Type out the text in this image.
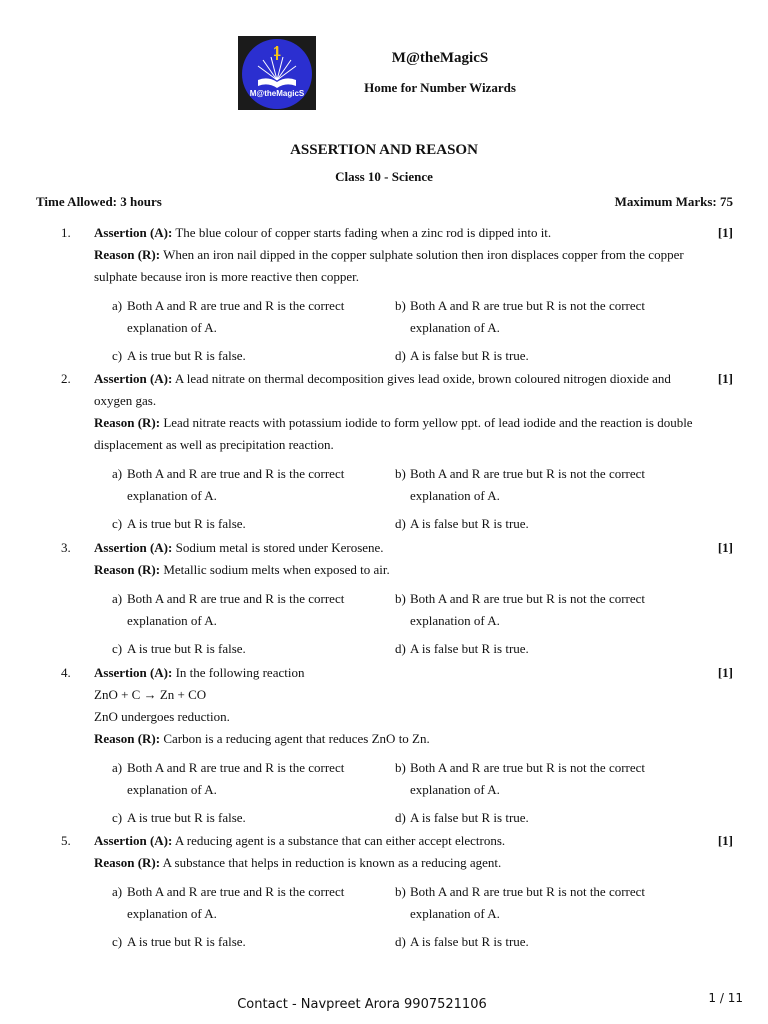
1
M@theMagicS
M@theMagicS
Home for Number Wizards
ASSERTION AND REASON
Class 10 - Science
Time Allowed: 3 hours	Maximum Marks: 75
1.	[1]

Assertion (A): The blue colour of copper starts fading when a zinc rod is dipped into it.

Reason (R): When an iron nail dipped in the copper sulphate solution then iron displaces copper from the copper sulphate because iron is more reactive then copper.

a) Both A and R are true and R is the correct explanation of A.
b) Both A and R are true but R is not the correct explanation of A.
c) A is true but R is false.	d) A is false but R is true.
2.	[1]

Assertion (A): A lead nitrate on thermal decomposition gives lead oxide, brown coloured nitrogen dioxide and oxygen gas.

Reason (R): Lead nitrate reacts with potassium iodide to form yellow ppt. of lead iodide and the reaction is double displacement as well as precipitation reaction.

a) Both A and R are true and R is the correct explanation of A.
b) Both A and R are true but R is not the correct explanation of A.
c) A is true but R is false.	d) A is false but R is true.
3.	[1]

Assertion (A): Sodium metal is stored under Kerosene.

Reason (R): Metallic sodium melts when exposed to air.

a) Both A and R are true and R is the correct explanation of A.
b) Both A and R are true but R is not the correct explanation of A.
c) A is true but R is false.	d) A is false but R is true.
4.	[1]

Assertion (A): In the following reaction

ZnO + C → Zn + CO

ZnO undergoes reduction.

Reason (R): Carbon is a reducing agent that reduces ZnO to Zn.

a) Both A and R are true and R is the correct explanation of A.
b) Both A and R are true but R is not the correct explanation of A.
c) A is true but R is false.	d) A is false but R is true.
5.	[1]

Assertion (A): A reducing agent is a substance that can either accept electrons.

Reason (R): A substance that helps in reduction is known as a reducing agent.

a) Both A and R are true and R is the correct explanation of A.
b) Both A and R are true but R is not the correct explanation of A.
c) A is true but R is false.	d) A is false but R is true.
Contact - Navpreet Arora 9907521106	1 / 11
